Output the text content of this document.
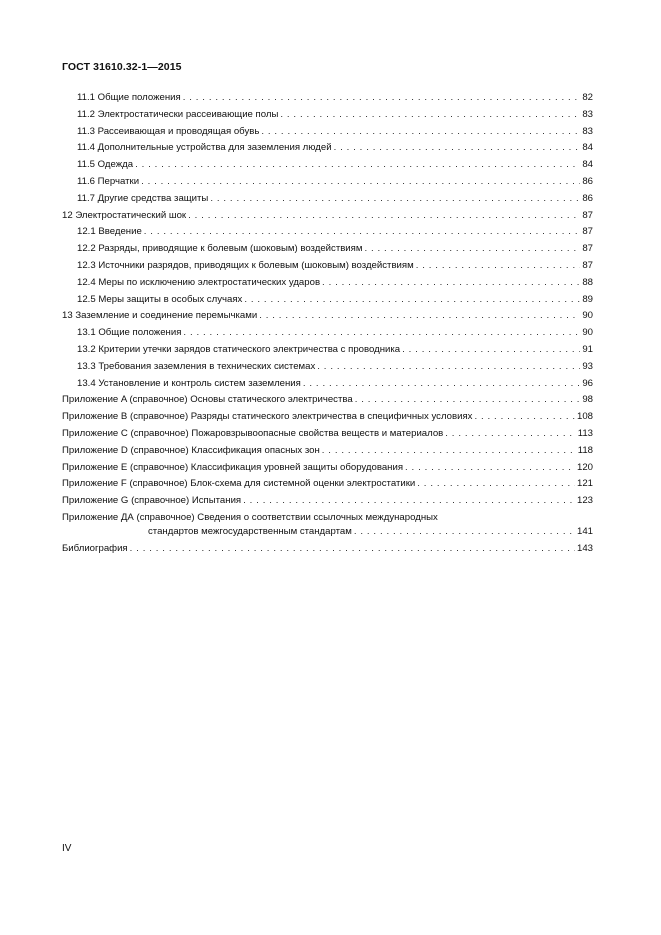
ГОСТ 31610.32-1—2015
11.1 Общие положения . . .	82
11.2 Электростатически рассеивающие полы . . .	83
11.3 Рассеивающая и проводящая обувь . . .	83
11.4 Дополнительные устройства для заземления людей . . .	84
11.5 Одежда . . .	84
11.6 Перчатки . . .	86
11.7 Другие средства защиты . . .	86
12 Электростатический шок . . .	87
12.1 Введение . . .	87
12.2 Разряды, приводящие к болевым (шоковым) воздействиям . . .	87
12.3 Источники разрядов, приводящих к болевым (шоковым) воздействиям . . .	87
12.4 Меры по исключению электростатических ударов . . .	88
12.5 Меры защиты в особых случаях . . .	89
13 Заземление и соединение перемычками . . .	90
13.1 Общие положения . . .	90
13.2 Критерии утечки зарядов статического электричества с проводника . . .	91
13.3 Требования заземления в технических системах . . .	93
13.4 Установление и контроль систем заземления . . .	96
Приложение A (справочное) Основы статического электричества . . .	98
Приложение B (справочное) Разряды статического электричества в специфичных условиях . . .	108
Приложение C (справочное) Пожаровзрывоопасные свойства веществ и материалов . . .	113
Приложение D (справочное) Классификация опасных зон . . .	118
Приложение E (справочное) Классификация уровней защиты оборудования . . .	120
Приложение F (справочное) Блок-схема для системной оценки электростатики . . .	121
Приложение G (справочное) Испытания . . .	123
Приложение ДА (справочное) Сведения о соответствии ссылочных международных
стандартов межгосударственным стандартам . . .	141
Библиография . . .	143
IV
